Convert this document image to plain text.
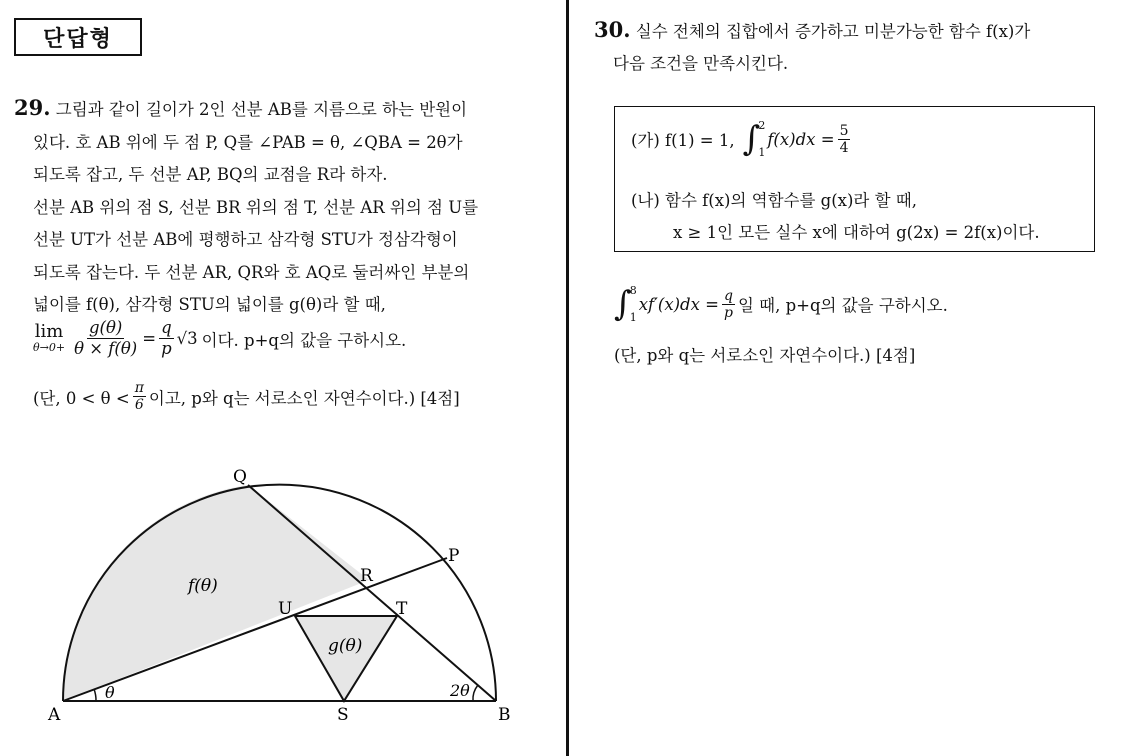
단답형
29. 그림과 같이 길이가 2인 선분 AB를 지름으로 하는 반원이
있다. 호 AB 위에 두 점 P, Q를 ∠PAB = θ, ∠QBA = 2θ가
되도록 잡고, 두 선분 AP, BQ의 교점을 R라 하자.
선분 AB 위의 점 S, 선분 BR 위의 점 T, 선분 AR 위의 점 U를
선분 UT가 선분 AB에 평행하고 삼각형 STU가 정삼각형이
되도록 잡는다. 두 선분 AR, QR와 호 AQ로 둘러싸인 부분의
넓이를 f(θ), 삼각형 STU의 넓이를 g(θ)라 할 때,
lim
$\theta\to 0+ \frac{g(\theta)}{\theta \times f(\theta)} = \frac{q}{p} √3$ 이다. p+q의 값을 구하시오.
(단, $0 < \theta < \frac{\pi}{6}$ 이고, p와 q는 서로소인 자연수이다.) [4점]
A	B
S
P
Q
R
T
U
θ	2θ
f(θ)
g(θ)
30. 실수 전체의 집합에서 증가하고 미분가능한 함수 f(x)가
다음 조건을 만족시킨다.
(가) f(1) = 1, ∫
2
1
$f(x)dx = \frac{5}{4}$
(나) 함수 f(x)의 역함수를 g(x)라 할 때,
x ≥ 1인 모든 실수 x에 대하여 g(2x) = 2f(x)이다.
∫
8
1
$xf'(x)dx = \frac{q}{p}$ 일 때, p+q의 값을 구하시오.
(단, p와 q는 서로소인 자연수이다.) [4점]
